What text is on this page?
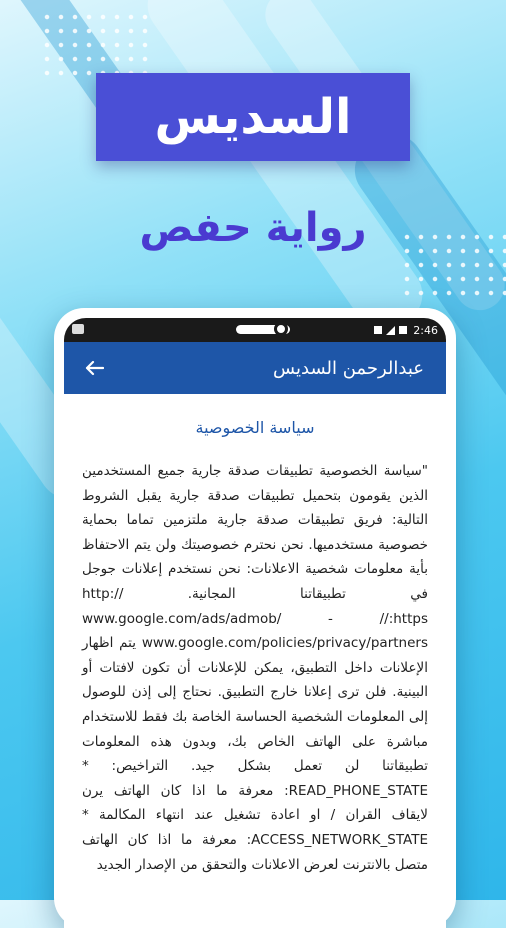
السديس
رواية حفص
2:46
عبدالرحمن السديس
سياسة الخصوصية

"سياسة الخصوصية تطبيقات صدقة جارية جميع المستخدمين الذين يقومون بتحميل تطبيقات صدقة جارية يقبل الشروط التالية: فريق تطبيقات صدقة جارية ملتزمين تماما بحماية خصوصية مستخدميها. نحن نحترم خصوصيتك ولن يتم الاحتفاظ بأية معلومات شخصية الاعلانات: نحن نستخدم إعلانات جوجل في تطبيقاتنا المجانية. //:http www.google.com/ads/admob/ - //:https www.google.com/policies/privacy/partners يتم اظهار الإعلانات داخل التطبيق، يمكن للإعلانات أن تكون لافتات أو البينية. فلن ترى إعلانا خارج التطبيق. نحتاج إلى إذن للوصول إلى المعلومات الشخصية الحساسة الخاصة بك فقط للاستخدام مباشرة على الهاتف الخاص بك، وبدون هذه المعلومات تطبيقاتنا لن تعمل بشكل جيد. التراخيص: * READ_PHONE_STATE: معرفة ما اذا كان الهاتف يرن لايقاف القران / او اعادة تشغيل عند انتهاء المكالمة * ACCESS_NETWORK_STATE: معرفة ما اذا كان الهاتف متصل بالانترنت لعرض الاعلانات والتحقق من الإصدار الجديد
